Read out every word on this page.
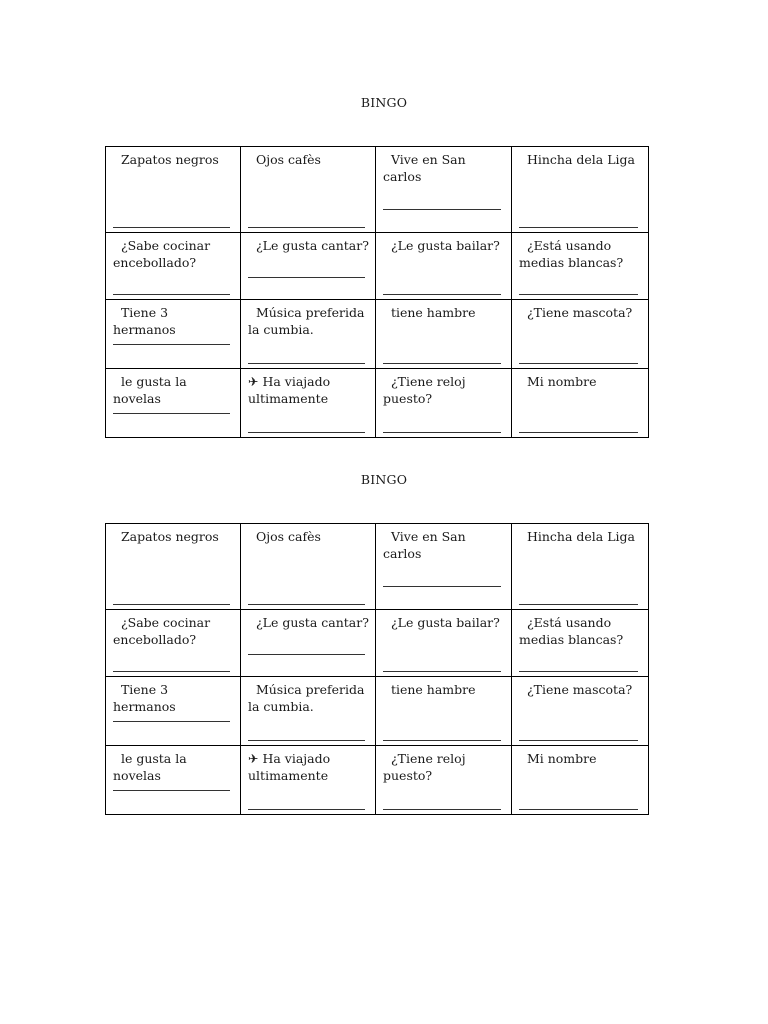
BINGO
Zapatos negros	Ojos cafès	Vive en San carlos	Hincha dela Liga

¿Sabe cocinar encebollado?	¿Le gusta cantar?	¿Le gusta bailar?	¿Está usando medias blancas?

Tiene 3 hermanos	Música preferida la cumbia.	tiene hambre	¿Tiene mascota?

le gusta la novelas	✈ Ha viajado ultimamente	¿Tiene reloj puesto?	Mi nombre
BINGO
Zapatos negros	Ojos cafès	Vive en San carlos	Hincha dela Liga

¿Sabe cocinar encebollado?	¿Le gusta cantar?	¿Le gusta bailar?	¿Está usando medias blancas?

Tiene 3 hermanos	Música preferida la cumbia.	tiene hambre	¿Tiene mascota?

le gusta la novelas	✈ Ha viajado ultimamente	¿Tiene reloj puesto?	Mi nombre
